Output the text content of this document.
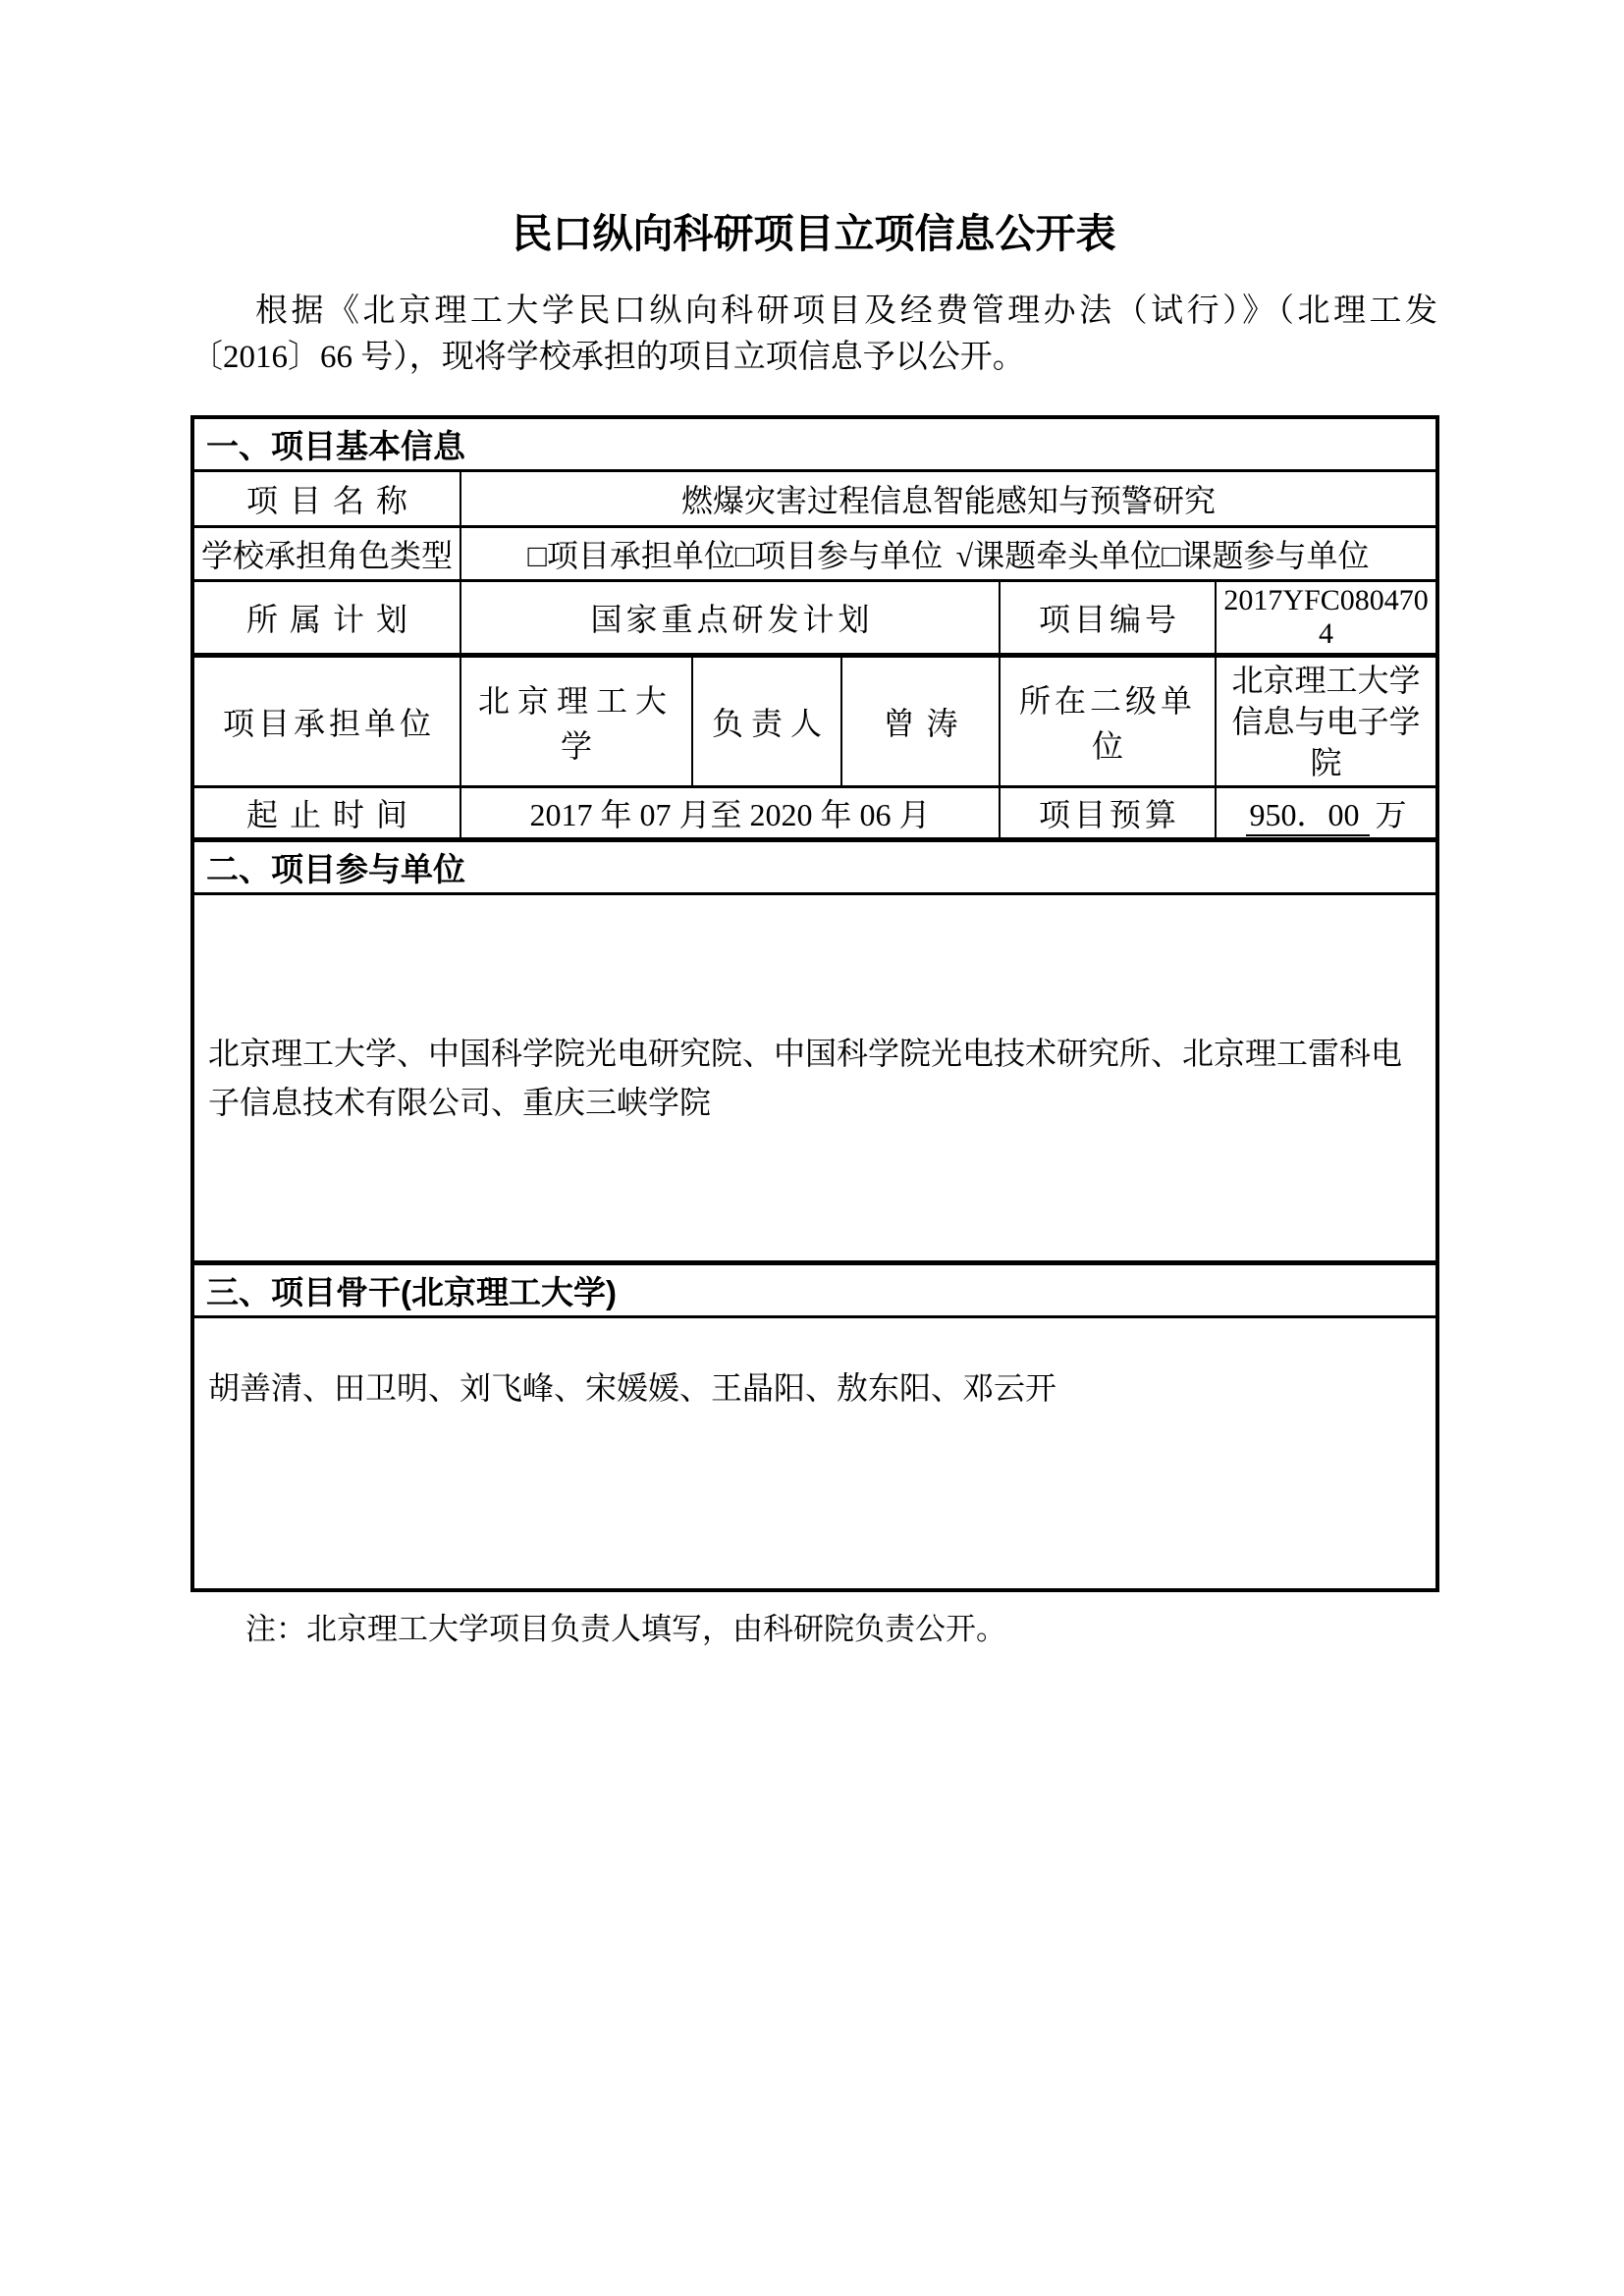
民口纵向科研项目立项信息公开表

根据《北京理工大学民口纵向科研项目及经费管理办法（试行）》（北理工发〔2016〕66 号），现将学校承担的项目立项信息予以公开。

一、项目基本信息					
项目名称	燃爆灾害过程信息智能感知与预警研究				
学校承担角色类型	□项目承担单位□项目参与单位 √课题牵头单位□课题参与单位				
所属计划	国家重点研发计划			项目编号	2017YFC0804704
项目承担单位	北京理工大学	负责人	曾涛	所在二级单位	北京理工大学信息与电子学院
起止时间	2017 年 07 月至 2020 年 06 月			项目预算	950．00 万
二、项目参与单位					
北京理工大学、中国科学院光电研究院、中国科学院光电技术研究所、北京理工雷科电子信息技术有限公司、重庆三峡学院					
三、项目骨干(北京理工大学)					
胡善清、田卫明、刘飞峰、宋媛媛、王晶阳、敖东阳、邓云开					

注：北京理工大学项目负责人填写，由科研院负责公开。
